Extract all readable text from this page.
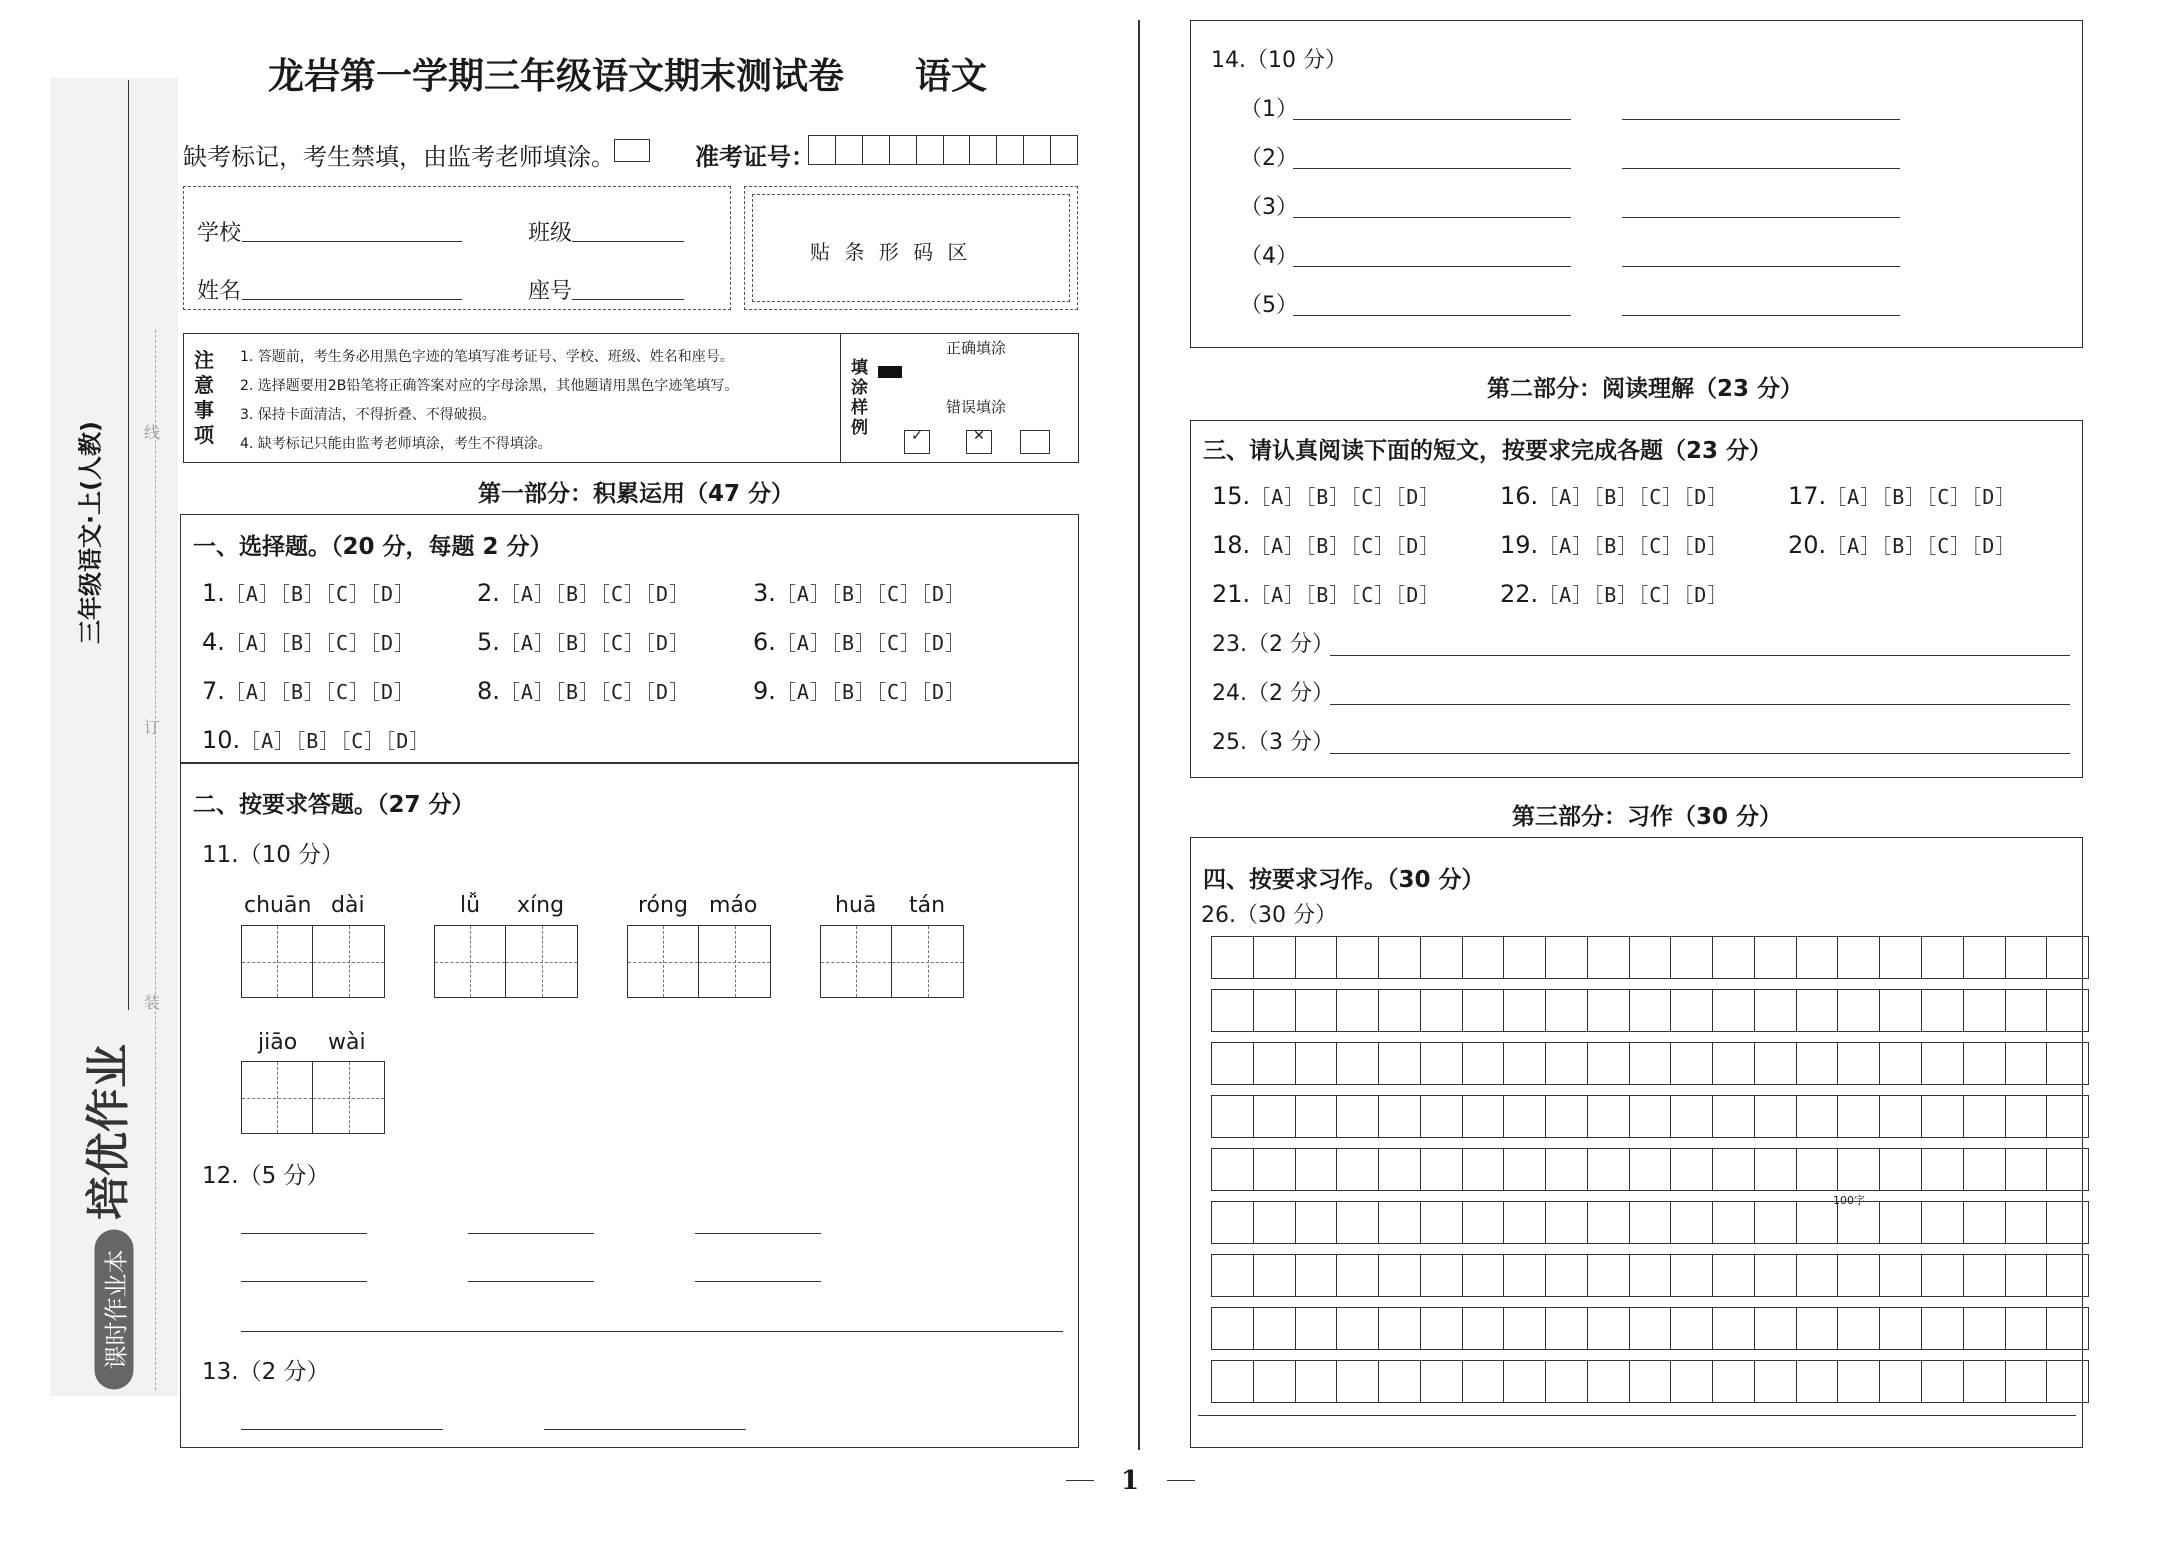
三年级语文·上(人教)
培优作业
课时作业本
线
订
装
龙岩第一学期三年级语文期末测试卷 语文
缺考标记，考生禁填，由监考老师填涂。	准考证号：
学校	班级
姓名	座号
贴 条 形 码 区
注
意
事
项
1. 答题前，考生务必用黑色字迹的笔填写准考证号、学校、班级、姓名和座号。
2. 选择题要用2B铅笔将正确答案对应的字母涂黑，其他题请用黑色字迹笔填写。
3. 保持卡面清洁，不得折叠、不得破损。
4. 缺考标记只能由监考老师填涂，考生不得填涂。
填
涂
样
例
正确填涂
错误填涂
✓	✕
第一部分：积累运用（47 分）
一、选择题。（20 分，每题 2 分）
1.［A］［B］［C］［D］	2.［A］［B］［C］［D］	3.［A］［B］［C］［D］
4.［A］［B］［C］［D］	5.［A］［B］［C］［D］	6.［A］［B］［C］［D］
7.［A］［B］［C］［D］	8.［A］［B］［C］［D］	9.［A］［B］［C］［D］
10.［A］［B］［C］［D］
二、按要求答题。（27 分）
11.（10 分）
chuān dài	lǚ xíng	róng máo	huā tán
jiāo wài
12.（5 分）
13.（2 分）
14.（10 分）
（1）
（2）
（3）
（4）
（5）
第二部分：阅读理解（23 分）
三、请认真阅读下面的短文，按要求完成各题（23 分）
15.［A］［B］［C］［D］ 16.［A］［B］［C］［D］ 17.［A］［B］［C］［D］
18.［A］［B］［C］［D］ 19.［A］［B］［C］［D］ 20.［A］［B］［C］［D］
21.［A］［B］［C］［D］ 22.［A］［B］［C］［D］
23.（2 分）
24.（2 分）
25.（3 分）
第三部分：习作（30 分）
四、按要求习作。（30 分）
26.（30 分）
100字
1
